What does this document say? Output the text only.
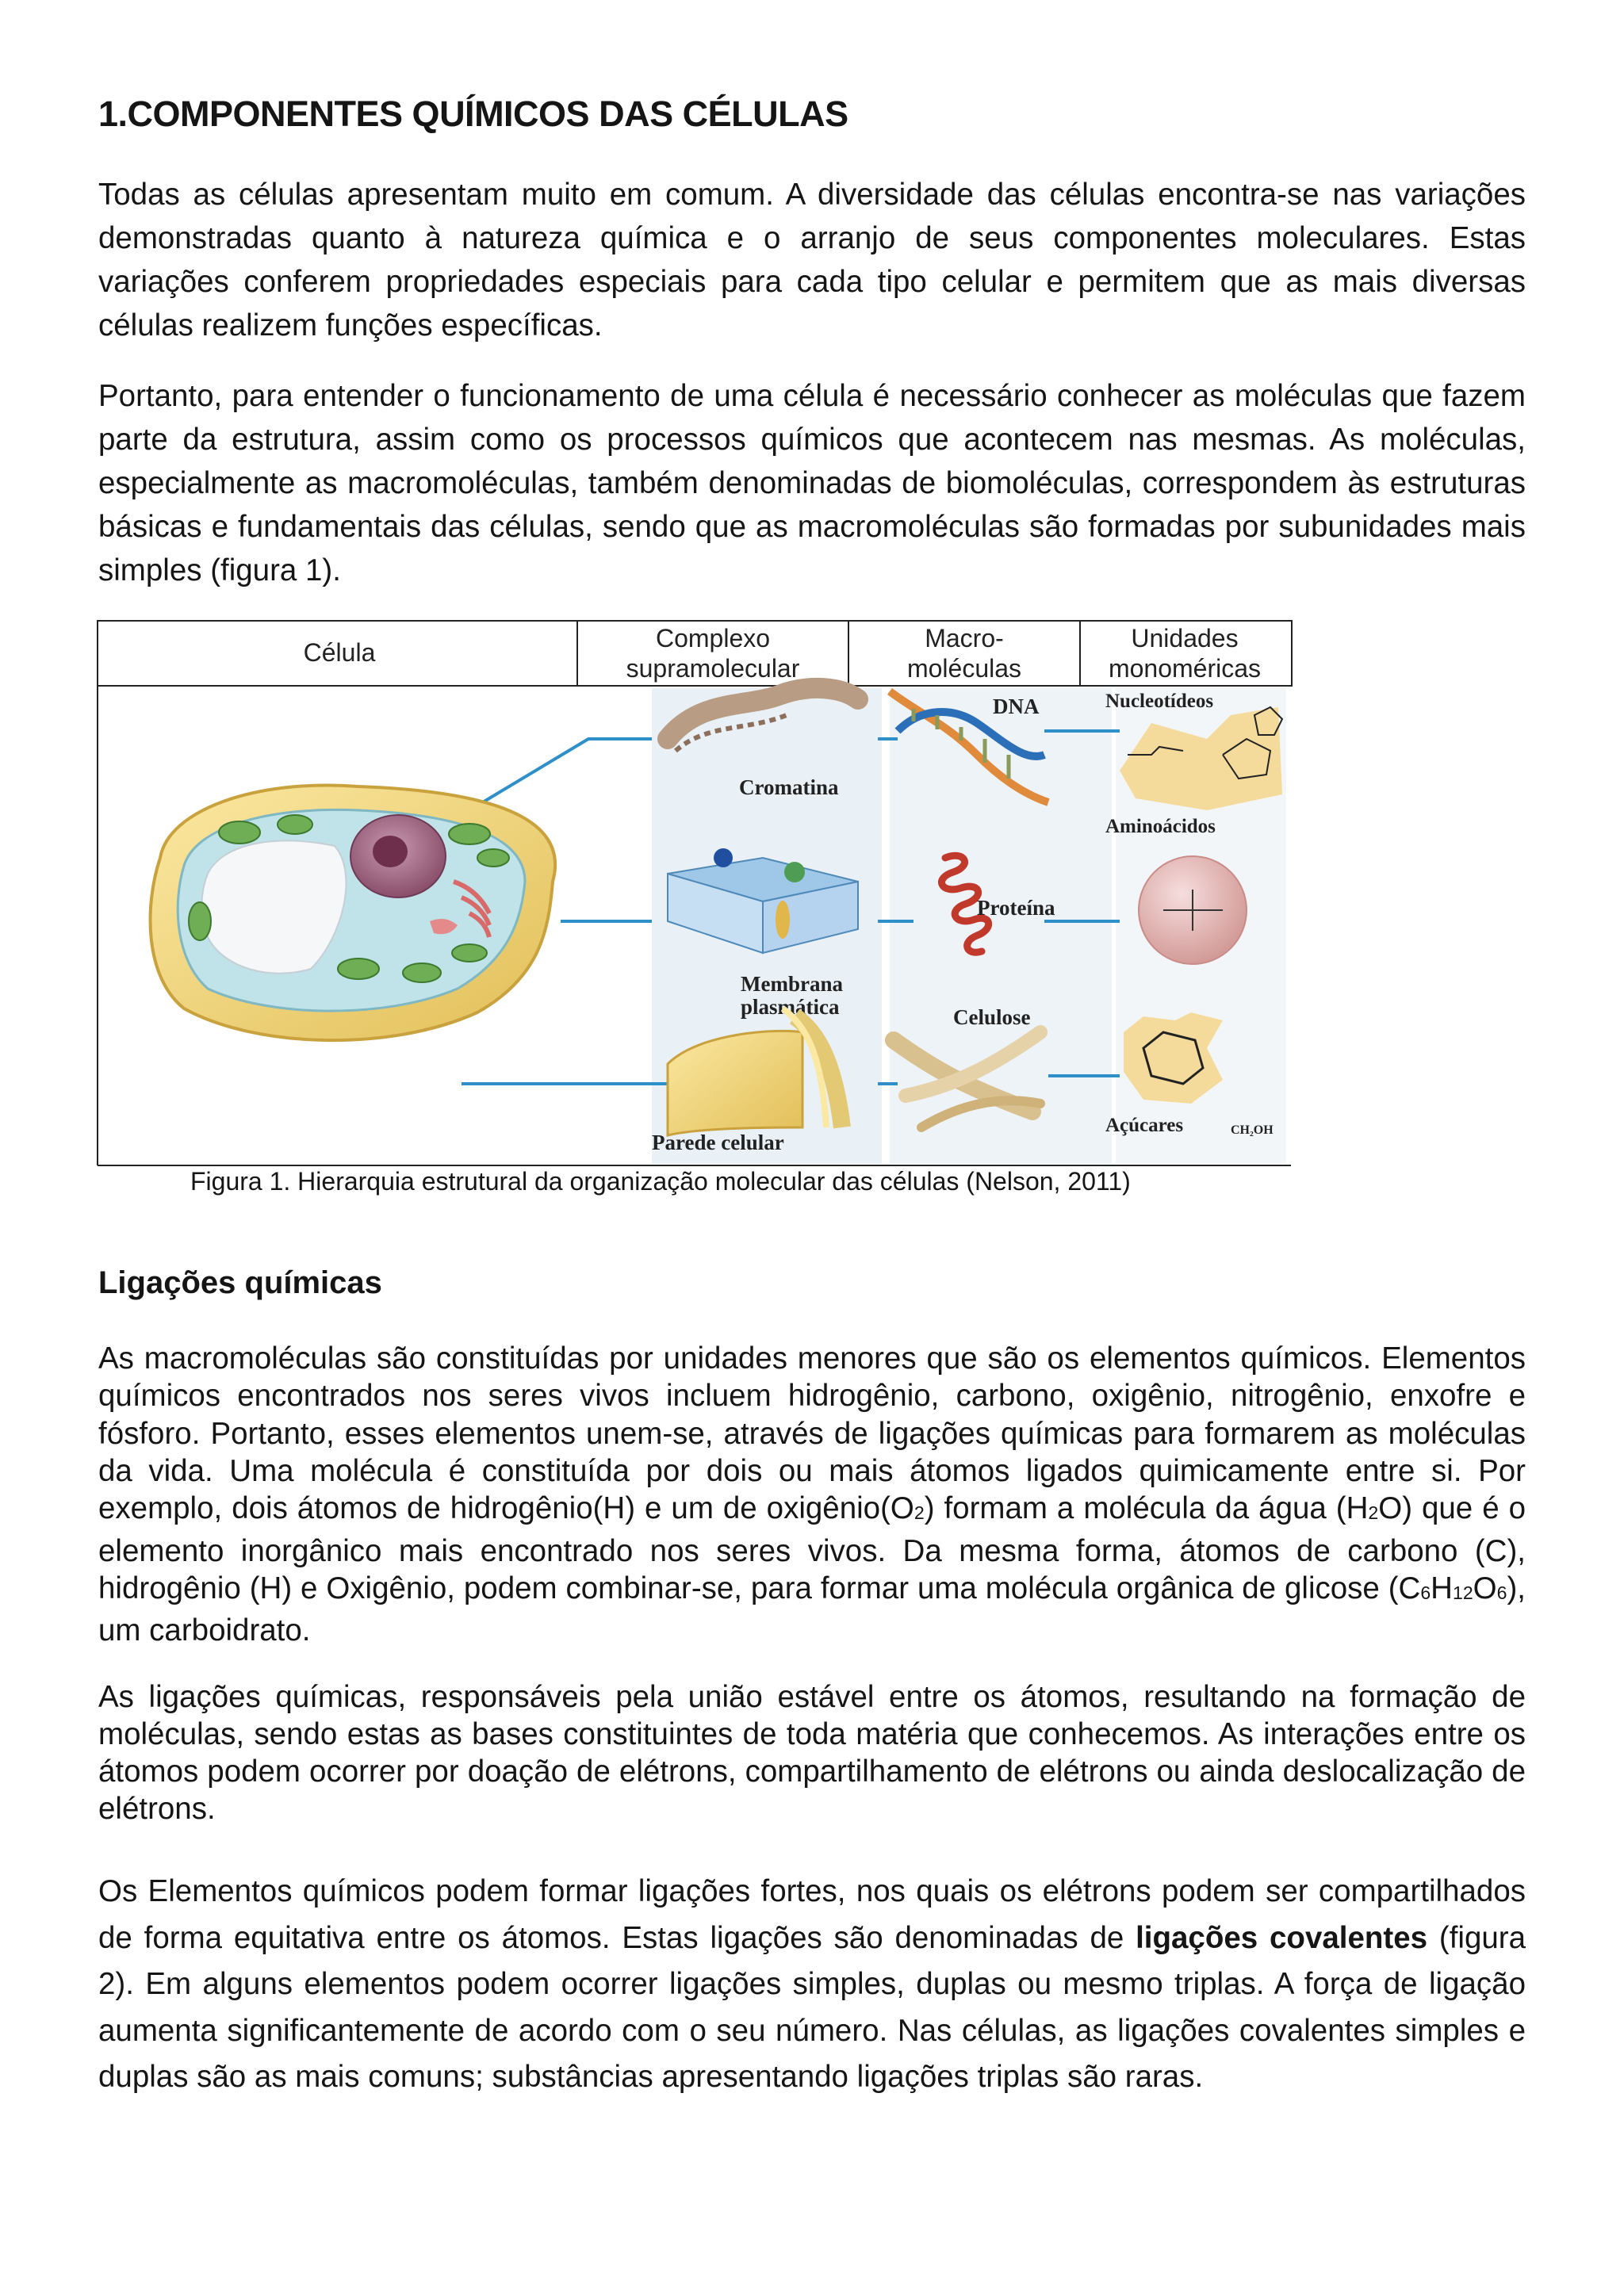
1.COMPONENTES QUÍMICOS DAS CÉLULAS

Todas as células apresentam muito em comum. A diversidade das células encontra-se nas variações demonstradas quanto à natureza química e o arranjo de seus componentes moleculares. Estas variações conferem propriedades especiais para cada tipo celular e permitem que as mais diversas células realizem funções específicas.

Portanto, para entender o funcionamento de uma célula é necessário conhecer as moléculas que fazem parte da estrutura, assim como os processos químicos que acontecem nas mesmas. As moléculas, especialmente as macromoléculas, também denominadas de biomoléculas, correspondem às estruturas básicas e fundamentais das células, sendo que as macromoléculas são formadas por subunidades mais simples (figura 1).

Célula	Complexo
supramolecular
Macro-
moléculas
Unidades
monoméricas
Cromatina
Membrana
plasmática
Parede celular
DNA
Proteína
Celulose
Nucleotídeos
Aminoácidos
Açúcares	CH₂OH

Figura 1. Hierarquia estrutural da organização molecular das células (Nelson, 2011)

Ligações químicas

As macromoléculas são constituídas por unidades menores que são os elementos químicos. Elementos químicos encontrados nos seres vivos incluem hidrogênio, carbono, oxigênio, nitrogênio, enxofre e fósforo. Portanto, esses elementos unem-se, através de ligações químicas para formarem as moléculas da vida. Uma molécula é constituída por dois ou mais átomos ligados quimicamente entre si. Por exemplo, dois átomos de hidrogênio(H) e um de $oxigênio(O_2)$ formam a molécula da água $(H_2O)$ que é o elemento inorgânico mais encontrado nos seres vivos. Da mesma forma, átomos de carbono (C), hidrogênio (H) e Oxigênio, podem combinar-se, para formar uma molécula orgânica de glicose $(C_6H_{12}O_6)$, um carboidrato.

As ligações químicas, responsáveis pela união estável entre os átomos, resultando na formação de moléculas, sendo estas as bases constituintes de toda matéria que conhecemos. As interações entre os átomos podem ocorrer por doação de elétrons, compartilhamento de elétrons ou ainda deslocalização de elétrons.

Os Elementos químicos podem formar ligações fortes, nos quais os elétrons podem ser compartilhados de forma equitativa entre os átomos. Estas ligações são denominadas de ligações covalentes (figura 2). Em alguns elementos podem ocorrer ligações simples, duplas ou mesmo triplas. A força de ligação aumenta significantemente de acordo com o seu número. Nas células, as ligações covalentes simples e duplas são as mais comuns; substâncias apresentando ligações triplas são raras.
